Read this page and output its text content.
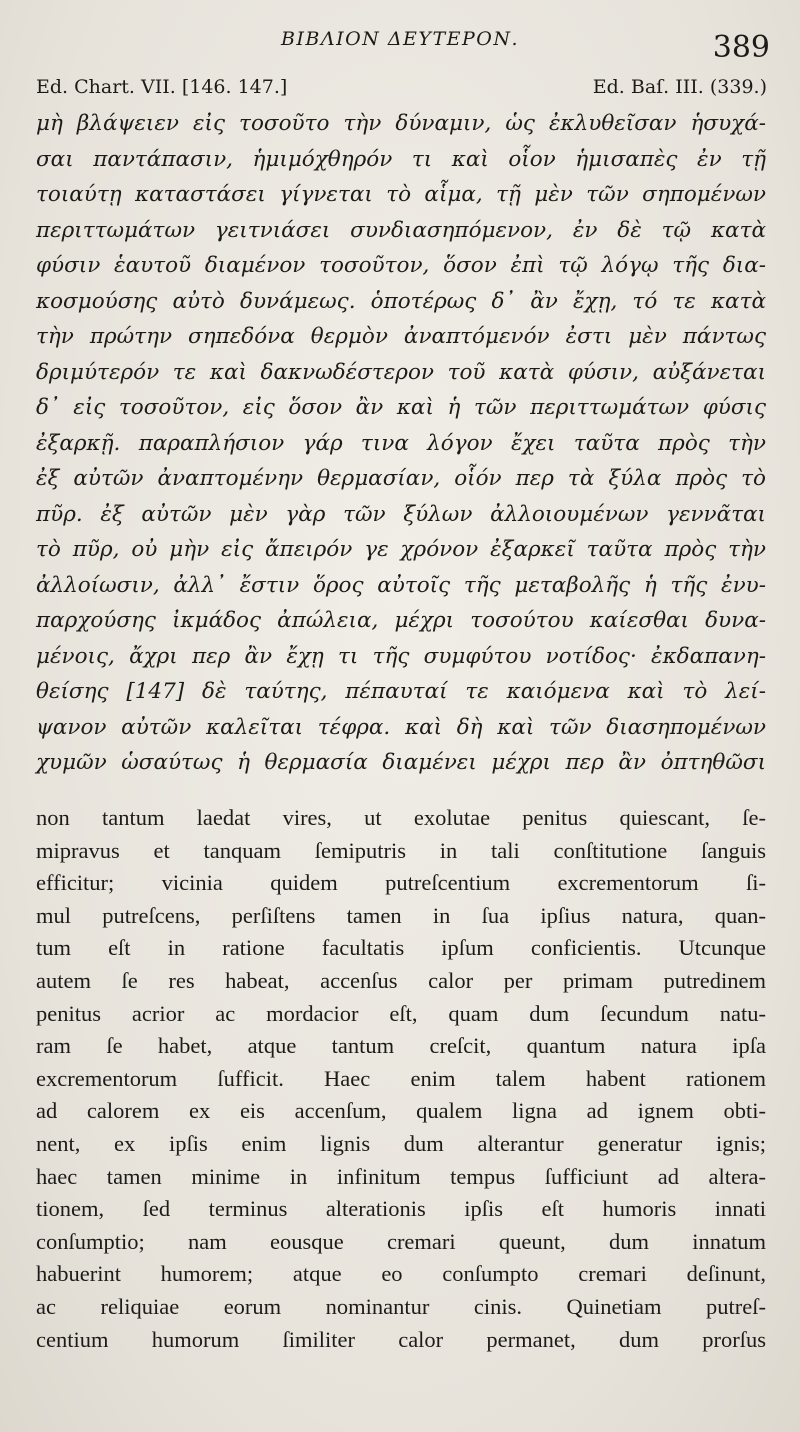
ΒΙΒΛΙΟΝ ΔΕΥΤΕΡΟΝ.	389
Ed. Chart. VII. [146. 147.]	Ed. Baſ. III. (339.)
μὴ βλάψειεν εἰς τοσοῦτο τὴν δύναμιν, ὡς ἐκλυθεῖσαν ἡσυχά-
σαι παντάπασιν, ἡμιμόχθηρόν τι καὶ οἷον ἡμισαπὲς ἐν τῇ
τοιαύτῃ καταστάσει γίγνεται τὸ αἷμα, τῇ μὲν τῶν σηπομένων
περιττωμάτων γειτνιάσει συνδιασηπόμενον, ἐν δὲ τῷ κατὰ
φύσιν ἑαυτοῦ διαμένον τοσοῦτον, ὅσον ἐπὶ τῷ λόγῳ τῆς δια-
κοσμούσης αὐτὸ δυνάμεως. ὁποτέρως δ᾽ ἂν ἔχῃ, τό τε κατὰ
τὴν πρώτην σηπεδόνα θερμὸν ἀναπτόμενόν ἐστι μὲν πάντως
δριμύτερόν τε καὶ δακνωδέστερον τοῦ κατὰ φύσιν, αὐξάνεται
δ᾽ εἰς τοσοῦτον, εἰς ὅσον ἂν καὶ ἡ τῶν περιττωμάτων φύσις
ἐξαρκῇ. παραπλήσιον γάρ τινα λόγον ἔχει ταῦτα πρὸς τὴν
ἐξ αὐτῶν ἀναπτομένην θερμασίαν, οἷόν περ τὰ ξύλα πρὸς τὸ
πῦρ. ἐξ αὐτῶν μὲν γὰρ τῶν ξύλων ἀλλοιουμένων γεννᾶται
τὸ πῦρ, οὐ μὴν εἰς ἄπειρόν γε χρόνον ἐξαρκεῖ ταῦτα πρὸς τὴν
ἀλλοίωσιν, ἀλλ᾽ ἔστιν ὅρος αὐτοῖς τῆς μεταβολῆς ἡ τῆς ἐνυ-
παρχούσης ἰκμάδος ἀπώλεια, μέχρι τοσούτου καίεσθαι δυνα-
μένοις, ἄχρι περ ἂν ἔχῃ τι τῆς συμφύτου νοτίδος· ἐκδαπανη-
θείσης [147] δὲ ταύτης, πέπαυταί τε καιόμενα καὶ τὸ λεί-
ψανον αὐτῶν καλεῖται τέφρα. καὶ δὴ καὶ τῶν διασηπομένων
χυμῶν ὡσαύτως ἡ θερμασία διαμένει μέχρι περ ἂν ὀπτηθῶσι
non tantum laedat vires, ut exolutae penitus quiescant, ſe-
mipravus et tanquam ſemiputris in tali conſtitutione ſanguis
efficitur; vicinia quidem putreſcentium excrementorum ſi-
mul putreſcens, perſiſtens tamen in ſua ipſius natura, quan-
tum eſt in ratione facultatis ipſum conficientis. Utcunque
autem ſe res habeat, accenſus calor per primam putredinem
penitus acrior ac mordacior eſt, quam dum ſecundum natu-
ram ſe habet, atque tantum creſcit, quantum natura ipſa
excrementorum ſufficit. Haec enim talem habent rationem
ad calorem ex eis accenſum, qualem ligna ad ignem obti-
nent, ex ipſis enim lignis dum alterantur generatur ignis;
haec tamen minime in infinitum tempus ſufficiunt ad altera-
tionem, ſed terminus alterationis ipſis eſt humoris innati
conſumptio; nam eousque cremari queunt, dum innatum
habuerint humorem; atque eo conſumpto cremari deſinunt,
ac reliquiae eorum nominantur cinis. Quinetiam putreſ-
centium humorum ſimiliter calor permanet, dum prorſus
